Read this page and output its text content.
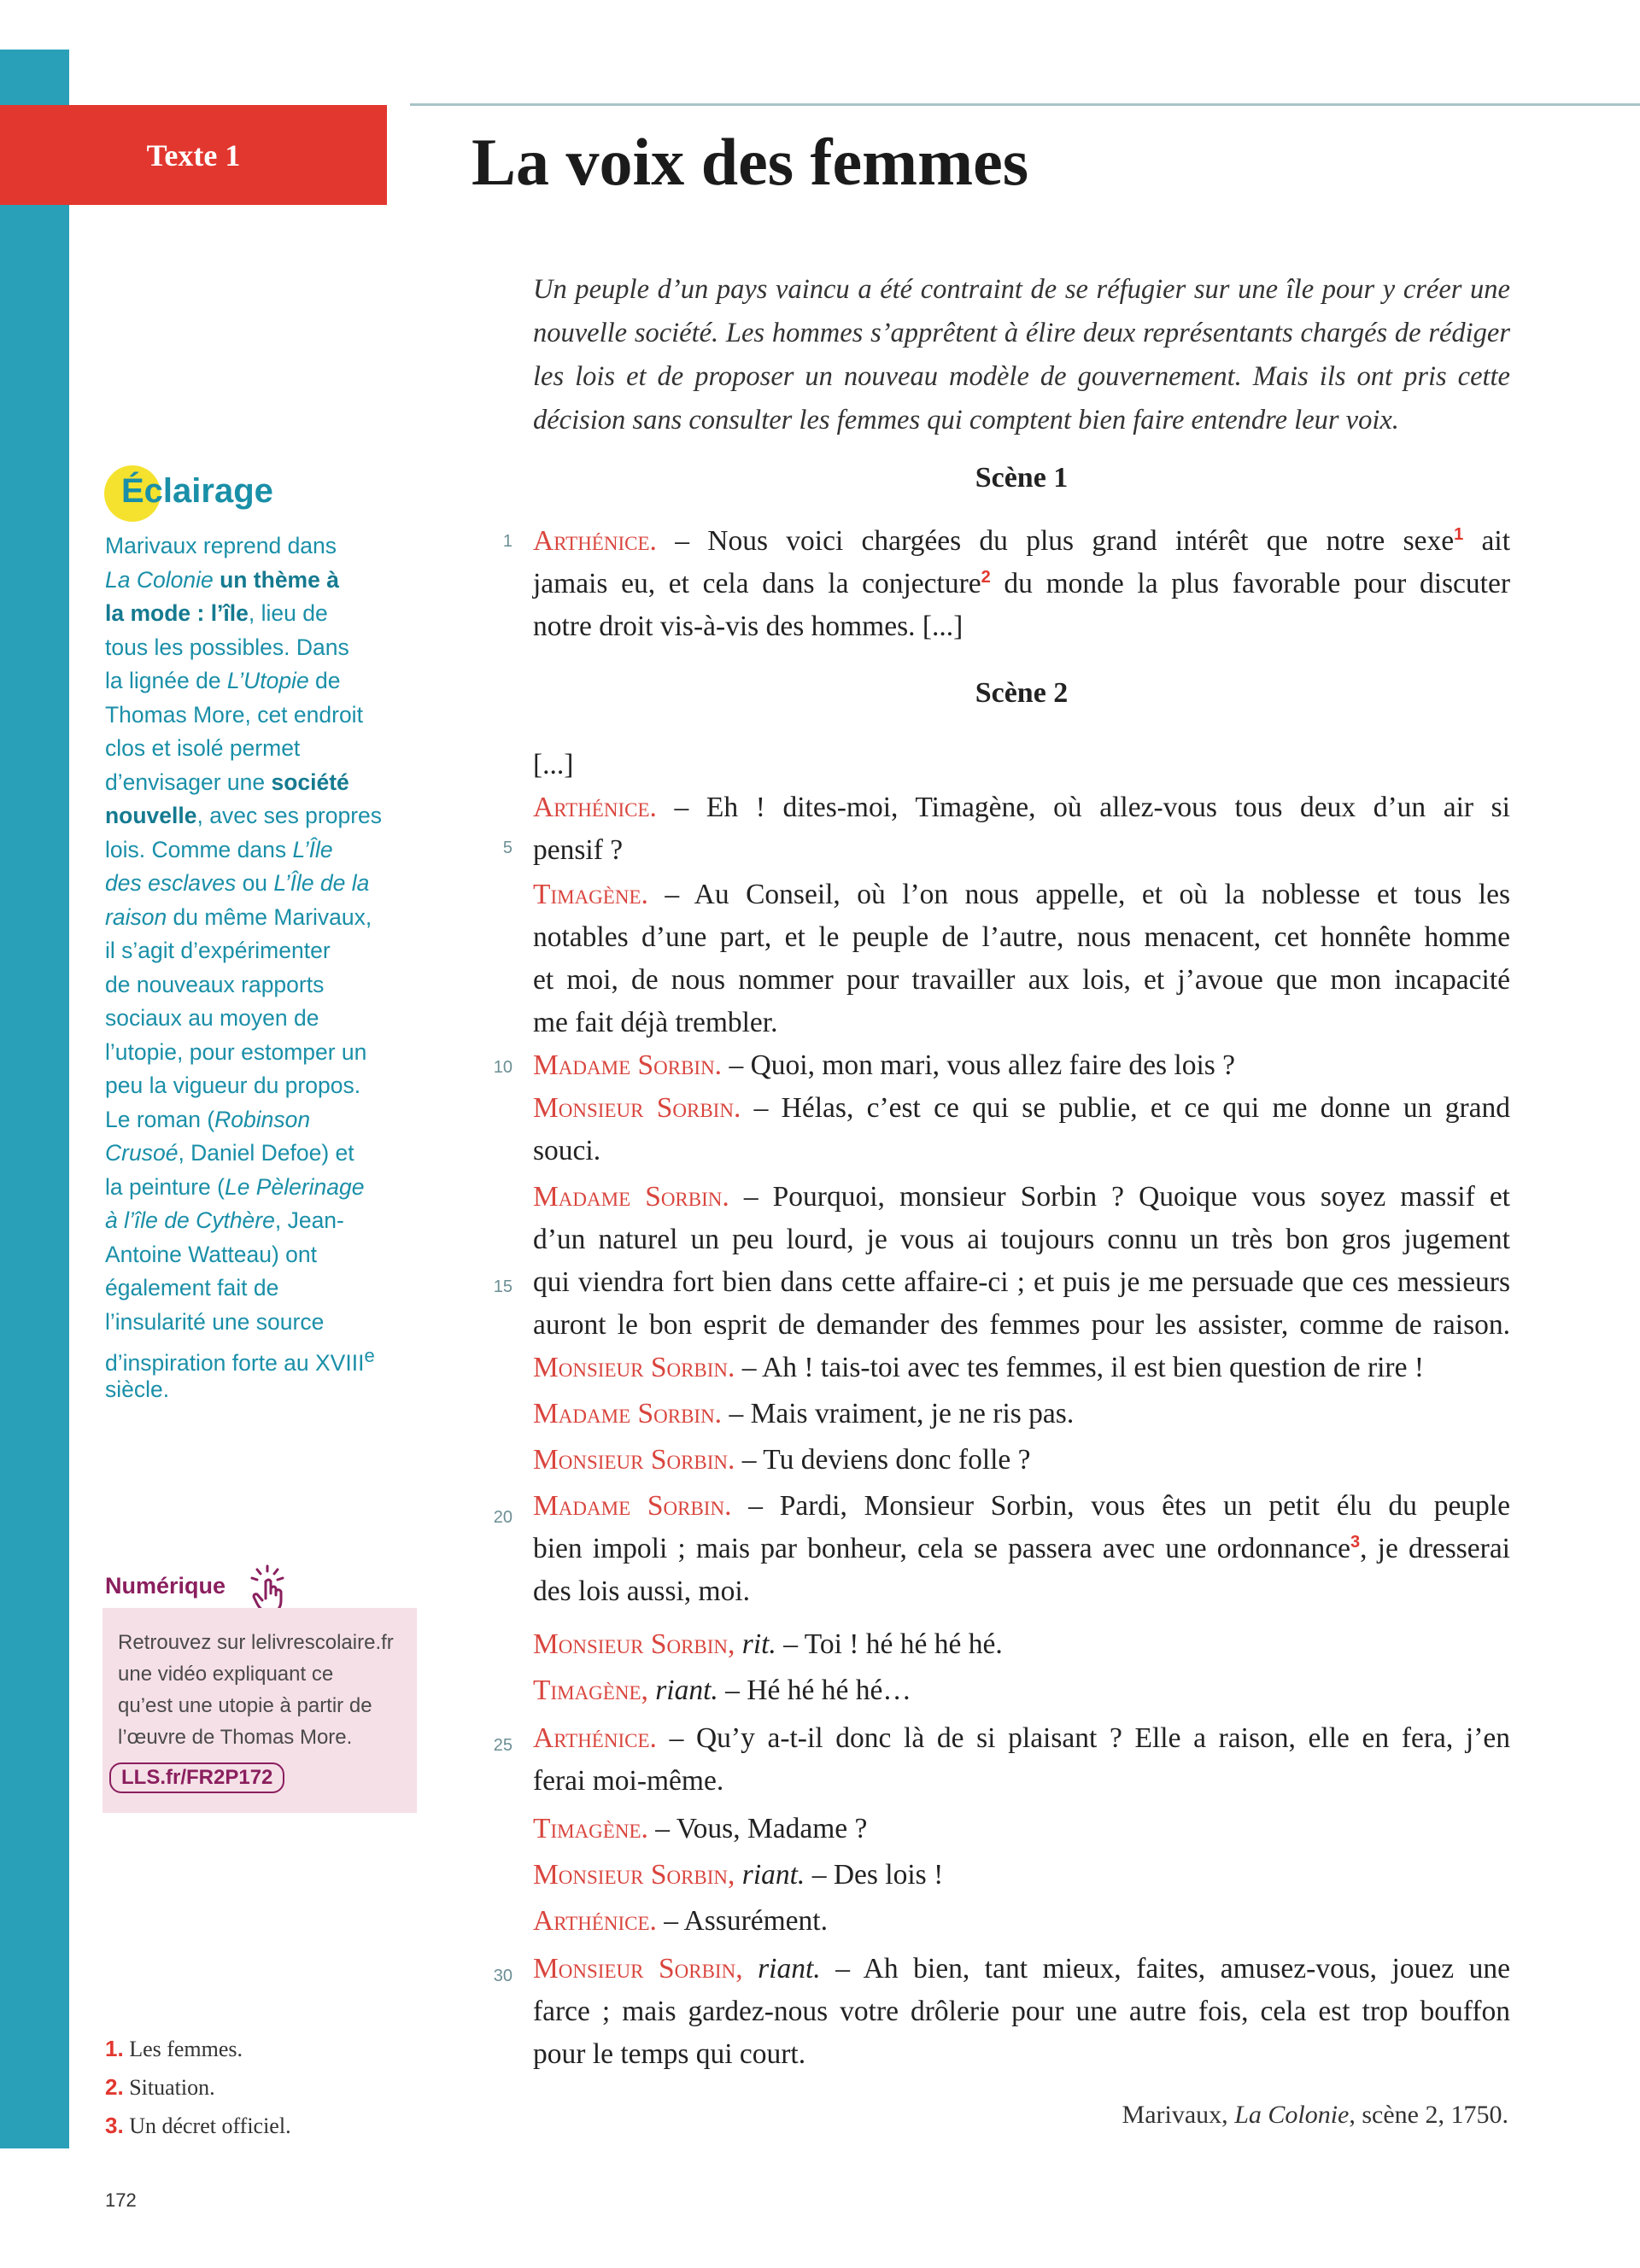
Texte 1	La voix des femmes
Un peuple d’un pays vaincu a été contraint de se réfugier sur une île pour y créer une nouvelle société. Les hommes s’apprêtent à élire deux représentants chargés de rédiger les lois et de proposer un nouveau modèle de gouvernement. Mais ils ont pris cette décision sans consulter les femmes qui comptent bien faire entendre leur voix.
Scène 1
Scène 2
1
5
10
15
20
25
30
Arthénice. – Nous voici chargées du plus grand intérêt que notre sexe$^1$ ait
jamais eu, et cela dans la conjecture$^2$ du monde la plus favorable pour discuter
notre droit vis-à-vis des hommes. [...]
[...]
Arthénice. – Eh ! dites-moi, Timagène, où allez-vous tous deux d’un air si
pensif ?
Timagène. – Au Conseil, où l’on nous appelle, et où la noblesse et tous les
notables d’une part, et le peuple de l’autre, nous menacent, cet honnête homme
et moi, de nous nommer pour travailler aux lois, et j’avoue que mon incapacité
me fait déjà trembler.
Madame Sorbin. – Quoi, mon mari, vous allez faire des lois ?
Monsieur Sorbin. – Hélas, c’est ce qui se publie, et ce qui me donne un grand
souci.
Madame Sorbin. – Pourquoi, monsieur Sorbin ? Quoique vous soyez massif et
d’un naturel un peu lourd, je vous ai toujours connu un très bon gros jugement
qui viendra fort bien dans cette affaire-ci ; et puis je me persuade que ces messieurs
auront le bon esprit de demander des femmes pour les assister, comme de raison.
Monsieur Sorbin. – Ah ! tais-toi avec tes femmes, il est bien question de rire !
Madame Sorbin. – Mais vraiment, je ne ris pas.
Monsieur Sorbin. – Tu deviens donc folle ?
Madame Sorbin. – Pardi, Monsieur Sorbin, vous êtes un petit élu du peuple
bien impoli ; mais par bonheur, cela se passera avec une ordonnance$^3$, je dresserai
des lois aussi, moi.
Monsieur Sorbin, rit. – Toi ! hé hé hé hé.
Timagène, riant. – Hé hé hé hé…
Arthénice. – Qu’y a-t-il donc là de si plaisant ? Elle a raison, elle en fera, j’en
ferai moi-même.
Timagène. – Vous, Madame ?
Monsieur Sorbin, riant. – Des lois !
Arthénice. – Assurément.
Monsieur Sorbin, riant. – Ah bien, tant mieux, faites, amusez-vous, jouez une
farce ; mais gardez-nous votre drôlerie pour une autre fois, cela est trop bouffon
pour le temps qui court.
Marivaux, La Colonie, scène 2, 1750.
Éclairage
Marivaux reprend dans
La Colonie un thème à
la mode : l’île, lieu de
tous les possibles. Dans
la lignée de L’Utopie de
Thomas More, cet endroit
clos et isolé permet
d’envisager une société
nouvelle, avec ses propres
lois. Comme dans L’Île
des esclaves ou L’Île de la
raison du même Marivaux,
il s’agit d’expérimenter
de nouveaux rapports
sociaux au moyen de
l’utopie, pour estomper un
peu la vigueur du propos.
Le roman (Robinson
Crusoé, Daniel Defoe) et
la peinture (Le Pèlerinage
à l’île de Cythère, Jean-
Antoine Watteau) ont
également fait de
l’insularité une source
d’inspiration forte au XVIIIe
siècle.
Numérique
Retrouvez sur lelivrescolaire.fr
une vidéo expliquant ce
qu’est une utopie à partir de
l’œuvre de Thomas More.
LLS.fr/FR2P172
1. Les femmes.
2. Situation.
3. Un décret officiel.
172
